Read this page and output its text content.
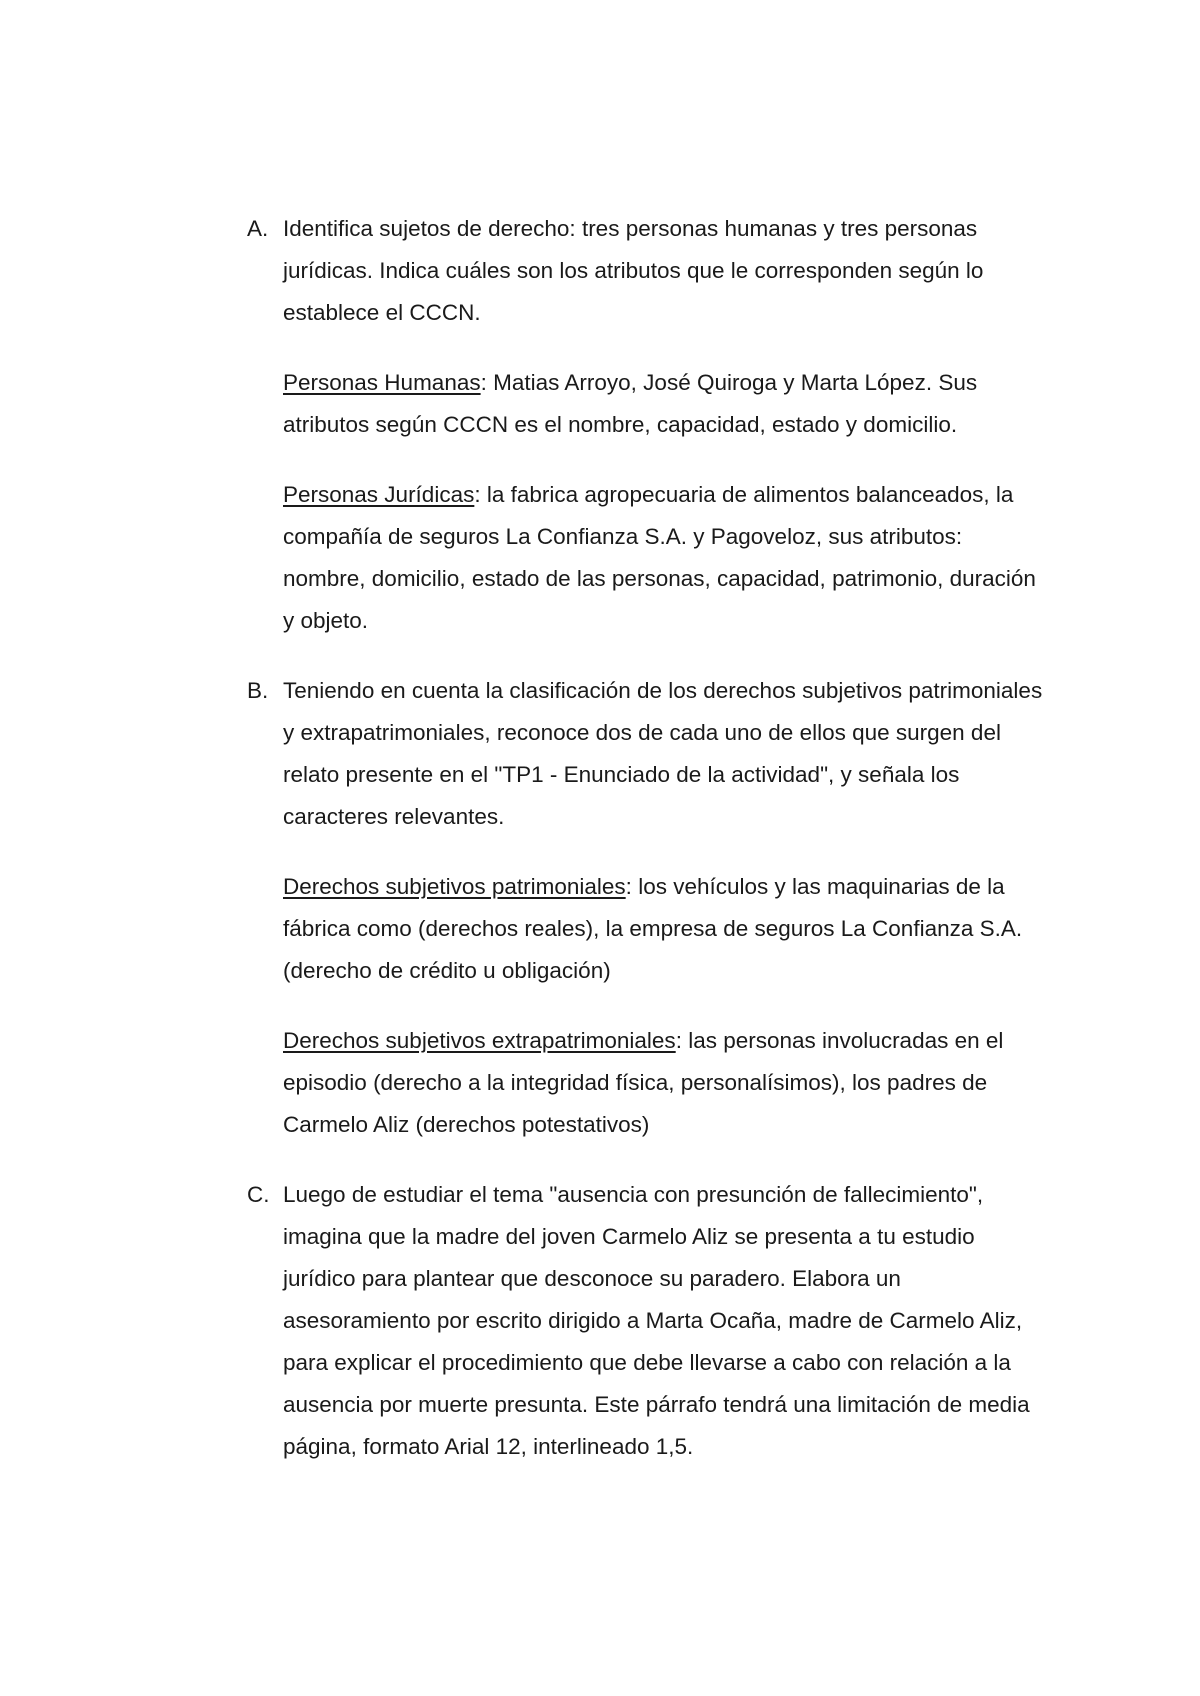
A. Identifica sujetos de derecho: tres personas humanas y tres personas jurídicas. Indica cuáles son los atributos que le corresponden según lo establece el CCCN.

Personas Humanas: Matias Arroyo, José Quiroga y Marta López. Sus atributos según CCCN es el nombre, capacidad, estado y domicilio.

Personas Jurídicas: la fabrica agropecuaria de alimentos balanceados, la compañía de seguros La Confianza S.A. y Pagoveloz, sus atributos: nombre, domicilio, estado de las personas, capacidad, patrimonio, duración y objeto.

B. Teniendo en cuenta la clasificación de los derechos subjetivos patrimoniales y extrapatrimoniales, reconoce dos de cada uno de ellos que surgen del relato presente en el "TP1 - Enunciado de la actividad", y señala los caracteres relevantes.

Derechos subjetivos patrimoniales: los vehículos y las maquinarias de la fábrica como (derechos reales), la empresa de seguros La Confianza S.A. (derecho de crédito u obligación)

Derechos subjetivos extrapatrimoniales: las personas involucradas en el episodio (derecho a la integridad física, personalísimos), los padres de Carmelo Aliz (derechos potestativos)

C. Luego de estudiar el tema "ausencia con presunción de fallecimiento", imagina que la madre del joven Carmelo Aliz se presenta a tu estudio jurídico para plantear que desconoce su paradero. Elabora un asesoramiento por escrito dirigido a Marta Ocaña, madre de Carmelo Aliz, para explicar el procedimiento que debe llevarse a cabo con relación a la ausencia por muerte presunta. Este párrafo tendrá una limitación de media página, formato Arial 12, interlineado 1,5.
